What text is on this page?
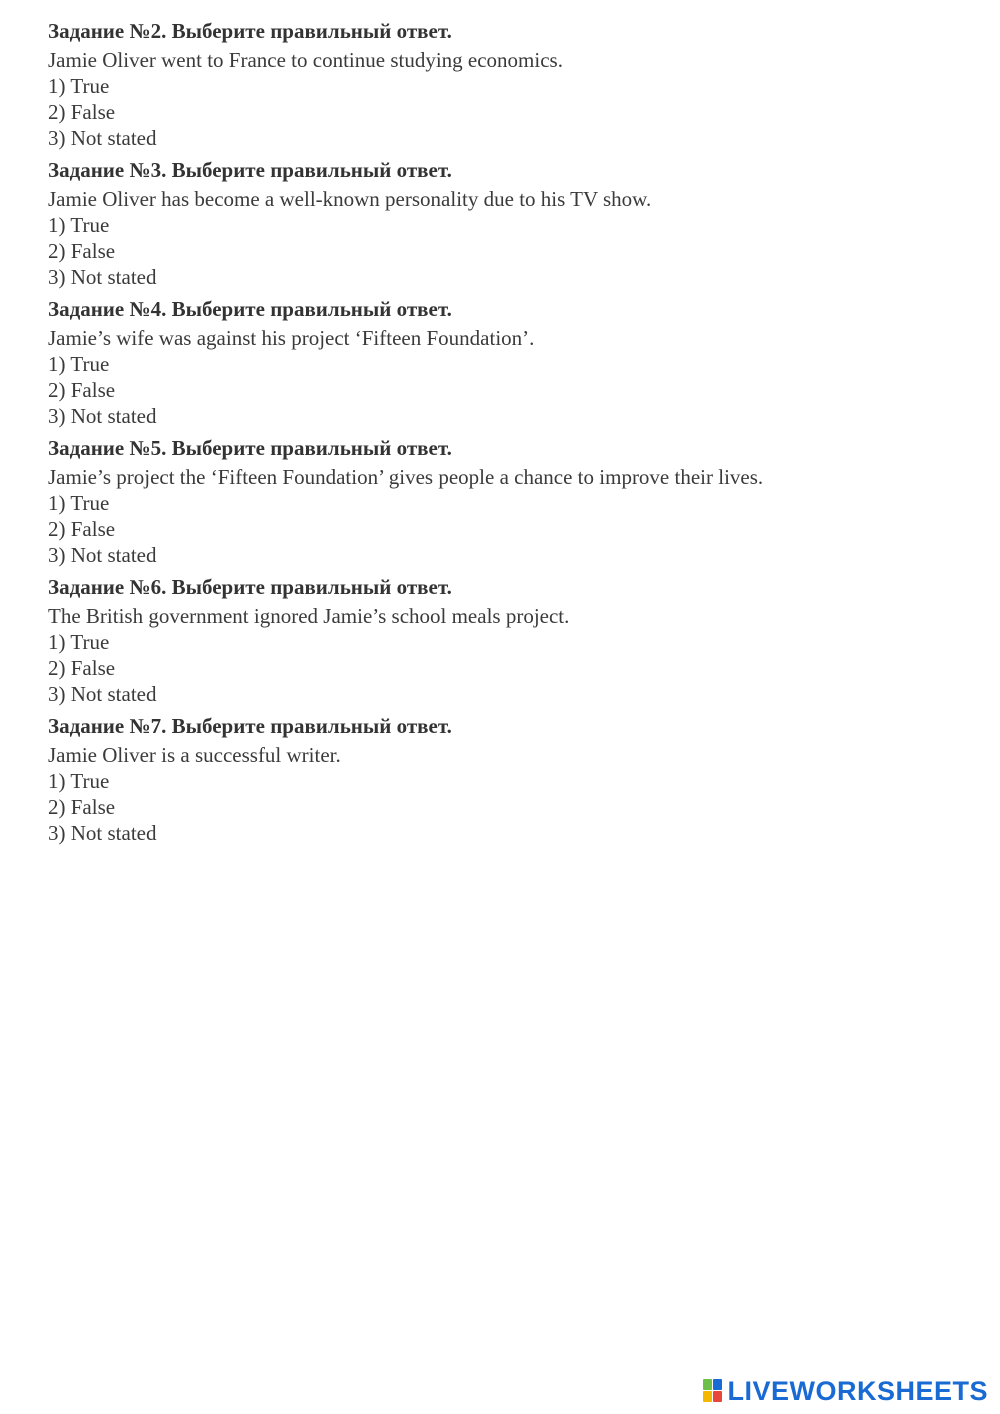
Задание №2. Выберите правильный ответ.
Jamie Oliver went to France to continue studying economics.
1) True
2) False
3) Not stated
Задание №3. Выберите правильный ответ.
Jamie Oliver has become a well-known personality due to his TV show.
1) True
2) False
3) Not stated
Задание №4. Выберите правильный ответ.
Jamie’s wife was against his project ‘Fifteen Foundation’.
1) True
2) False
3) Not stated
Задание №5. Выберите правильный ответ.
Jamie’s project the ‘Fifteen Foundation’ gives people a chance to improve their lives.
1) True
2) False
3) Not stated
Задание №6. Выберите правильный ответ.
The British government ignored Jamie’s school meals project.
1) True
2) False
3) Not stated
Задание №7. Выберите правильный ответ.
Jamie Oliver is a successful writer.
1) True
2) False
3) Not stated
LIVEWORKSHEETS
